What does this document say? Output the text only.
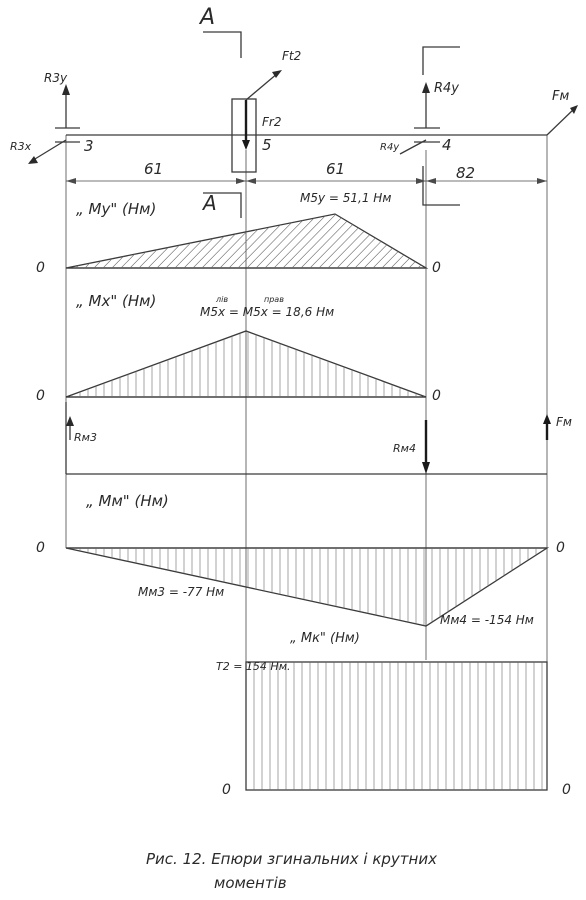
A
A
R3y
R3x
R4y
R4y
Ft2
Fr2
Fм
3	5	4
61	61	82
„ My" (Нм)
M5y = 51,1 Нм
0	0
„ Mx" (Нм)
M5x = M5x = 18,6 Нм
лів	прав
0	0
Rм3
Rм4
Fм
„ Mм" (Нм)
0	0
Mм3 = -77 Нм
Mм4 = -154 Нм
„ Mк" (Нм)
T2 = 154 Нм.
0	0
Рис. 12. Епюри згинальних і крутних
моментів
